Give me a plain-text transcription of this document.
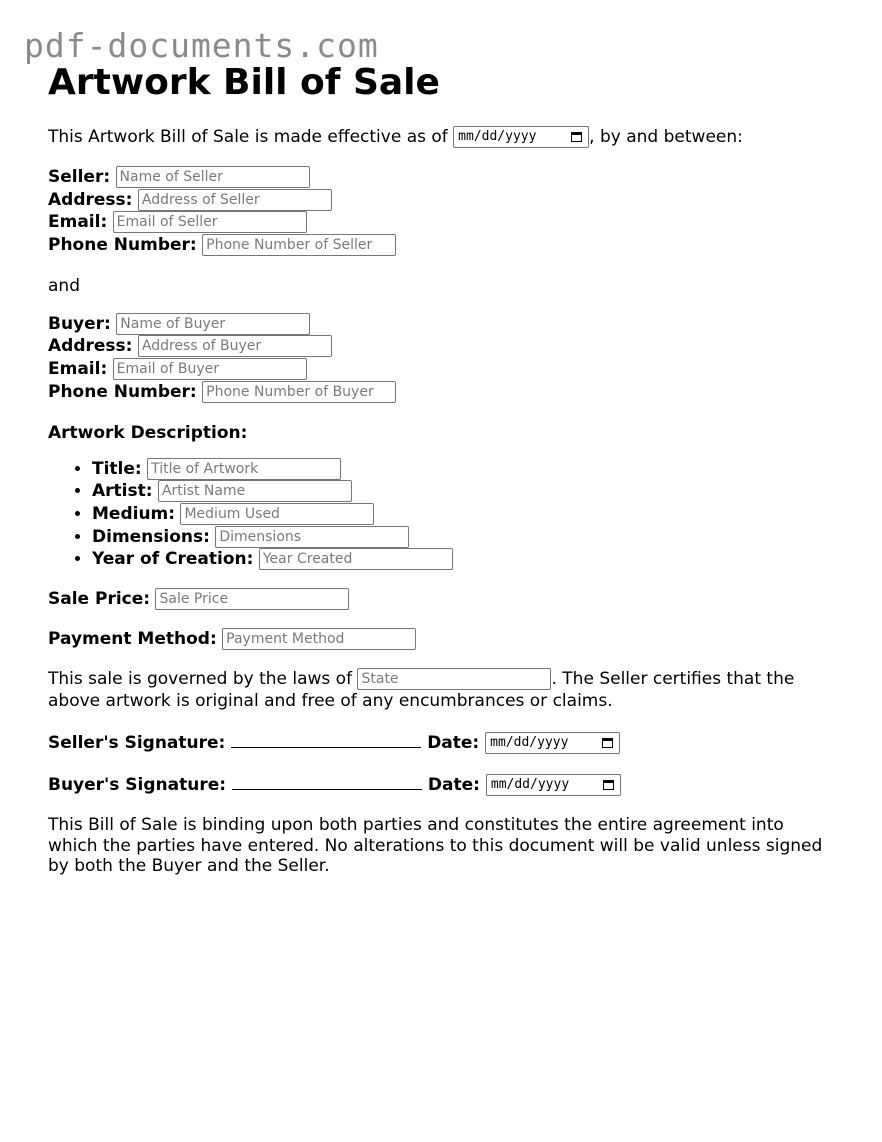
pdf-documents.com
Artwork Bill of Sale

This Artwork Bill of Sale is made effective as of mm/dd/yyyy	, by and between:

Seller: Name of Seller
Address: Address of Seller
Email: Email of Seller
Phone Number: Phone Number of Seller

and

Buyer: Name of Buyer
Address: Address of Buyer
Email: Email of Buyer
Phone Number: Phone Number of Buyer

Artwork Description:

• Title: Title of Artwork
• Artist: Artist Name
• Medium: Medium Used
• Dimensions: Dimensions
• Year of Creation: Year Created

Sale Price: Sale Price

Payment Method: Payment Method

This sale is governed by the laws of State	. The Seller certifies that the above artwork is original and free of any encumbrances or claims.

Seller's Signature:	Date: mm/dd/yyyy

Buyer's Signature:	Date: mm/dd/yyyy

This Bill of Sale is binding upon both parties and constitutes the entire agreement into which the parties have entered. No alterations to this document will be valid unless signed by both the Buyer and the Seller.
